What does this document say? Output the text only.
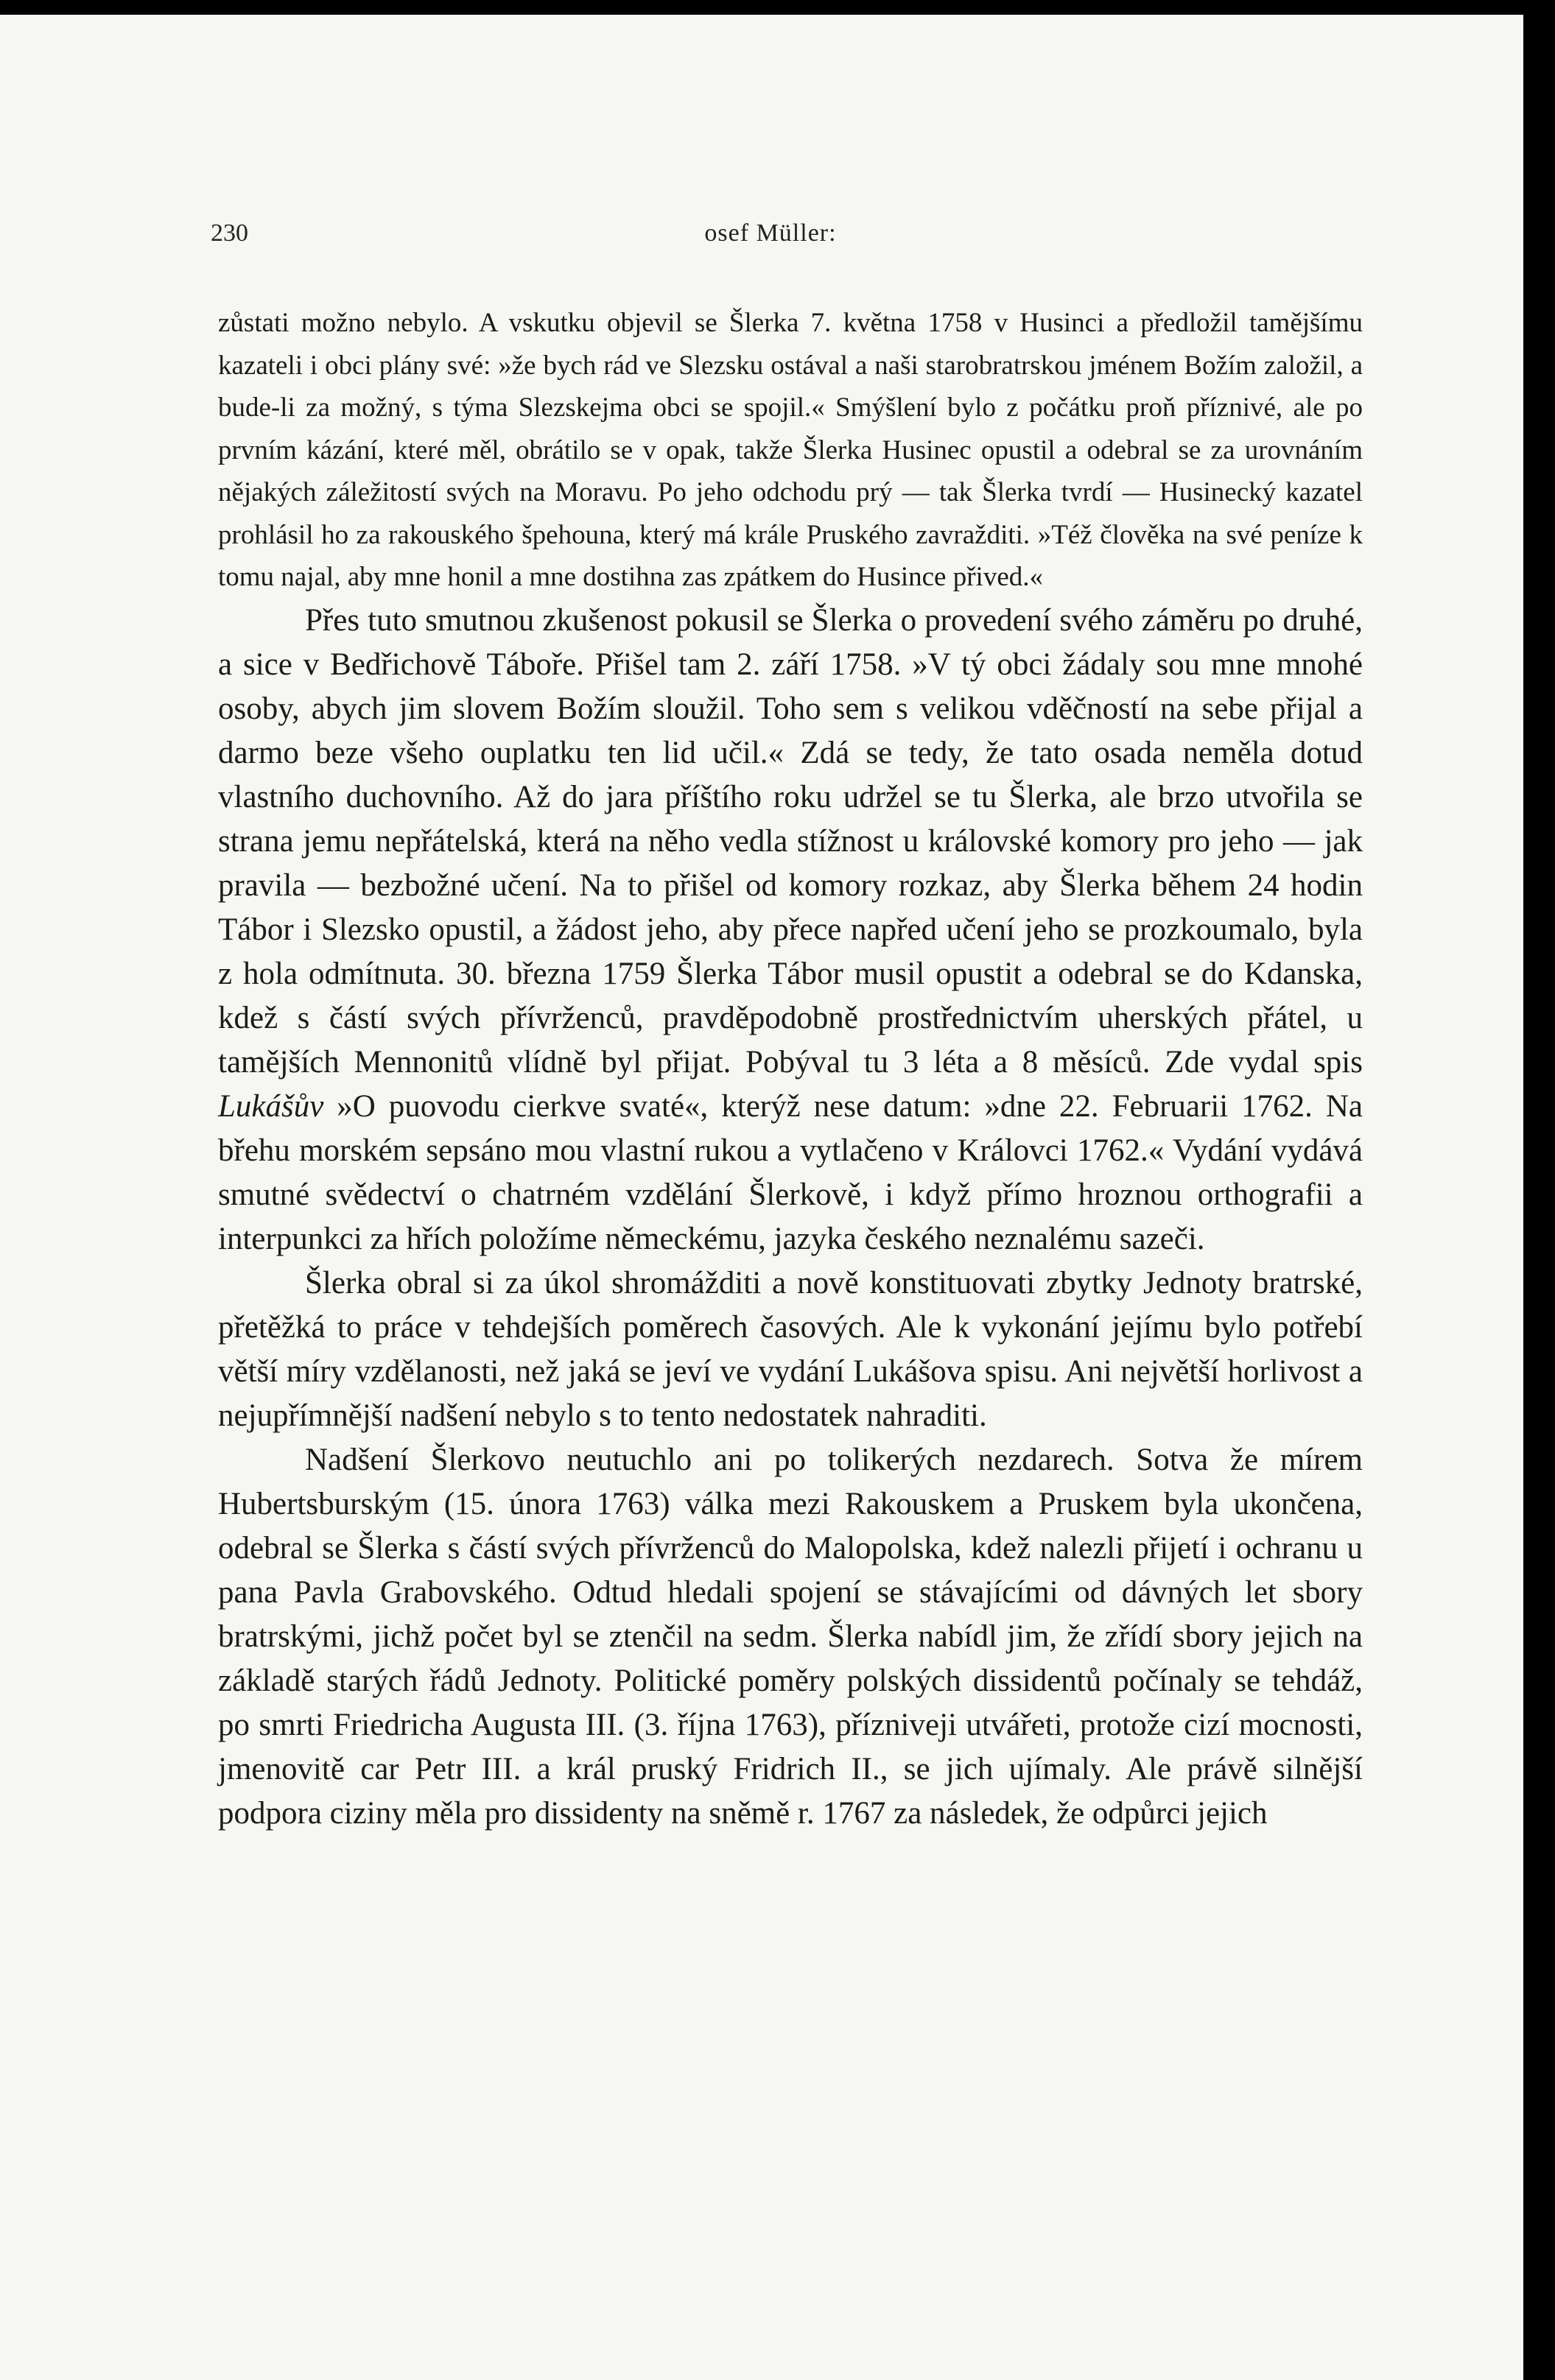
230	osef Müller:

zůstati možno nebylo. A vskutku objevil se Šlerka 7. května 1758 v Husinci a předložil tamějšímu kazateli i obci plány své: »že bych rád ve Slezsku ostával a naši starobratrskou jménem Božím založil, a bude-li za možný, s týma Slezskejma obci se spojil.« Smýšlení bylo z počátku proň příznivé, ale po prvním kázání, které měl, obrátilo se v opak, takže Šlerka Husinec opustil a odebral se za urovnáním nějakých záležitostí svých na Moravu. Po jeho odchodu prý — tak Šlerka tvrdí — Husinecký kazatel prohlásil ho za rakouského špehouna, který má krále Pruského zavražditi. »Též člověka na své peníze k tomu najal, aby mne honil a mne dostihna zas zpátkem do Husince přived.«

Přes tuto smutnou zkušenost pokusil se Šlerka o provedení svého záměru po druhé, a sice v Bedřichově Táboře. Přišel tam 2. září 1758. »V tý obci žádaly sou mne mnohé osoby, abych jim slovem Božím sloužil. Toho sem s velikou vděčností na sebe přijal a darmo beze všeho ouplatku ten lid učil.« Zdá se tedy, že tato osada neměla dotud vlastního duchovního. Až do jara příštího roku udržel se tu Šlerka, ale brzo utvořila se strana jemu nepřátelská, která na něho vedla stížnost u královské komory pro jeho — jak pravila — bezbožné učení. Na to přišel od komory rozkaz, aby Šlerka během 24 hodin Tábor i Slezsko opustil, a žádost jeho, aby přece napřed učení jeho se prozkoumalo, byla z hola odmítnuta. 30. března 1759 Šlerka Tábor musil opustit a odebral se do Kdanska, kdež s částí svých přívrženců, pravděpodobně prostřednictvím uherských přátel, u tamějších Mennonitů vlídně byl přijat. Pobýval tu 3 léta a 8 měsíců. Zde vydal spis Lukášův »O puovodu cierkve svaté«, kterýž nese datum: »dne 22. Februarii 1762. Na břehu morském sepsáno mou vlastní rukou a vytlačeno v Královci 1762.« Vydání vydává smutné svědectví o chatrném vzdělání Šlerkově, i když přímo hroznou orthografii a interpunkci za hřích položíme německému, jazyka českého neznalému sazeči.

Šlerka obral si za úkol shromážditi a nově konstituovati zbytky Jednoty bratrské, přetěžká to práce v tehdejších poměrech časových. Ale k vykonání jejímu bylo potřebí větší míry vzdělanosti, než jaká se jeví ve vydání Lukášova spisu. Ani největší horlivost a nejupřímnější nadšení nebylo s to tento nedostatek nahraditi.

Nadšení Šlerkovo neutuchlo ani po tolikerých nezdarech. Sotva že mírem Hubertsburským (15. února 1763) válka mezi Rakouskem a Pruskem byla ukončena, odebral se Šlerka s částí svých přívrženců do Malopolska, kdež nalezli přijetí i ochranu u pana Pavla Grabovského. Odtud hledali spojení se stávajícími od dávných let sbory bratrskými, jichž počet byl se ztenčil na sedm. Šlerka nabídl jim, že zřídí sbory jejich na základě starých řádů Jednoty. Politické poměry polských dissidentů počínaly se tehdáž, po smrti Friedricha Augusta III. (3. října 1763), přízniveji utvářeti, protože cizí mocnosti, jmenovitě car Petr III. a král pruský Fridrich II., se jich ujímaly. Ale právě silnější podpora ciziny měla pro dissidenty na sněmě r. 1767 za následek, že odpůrci jejich
